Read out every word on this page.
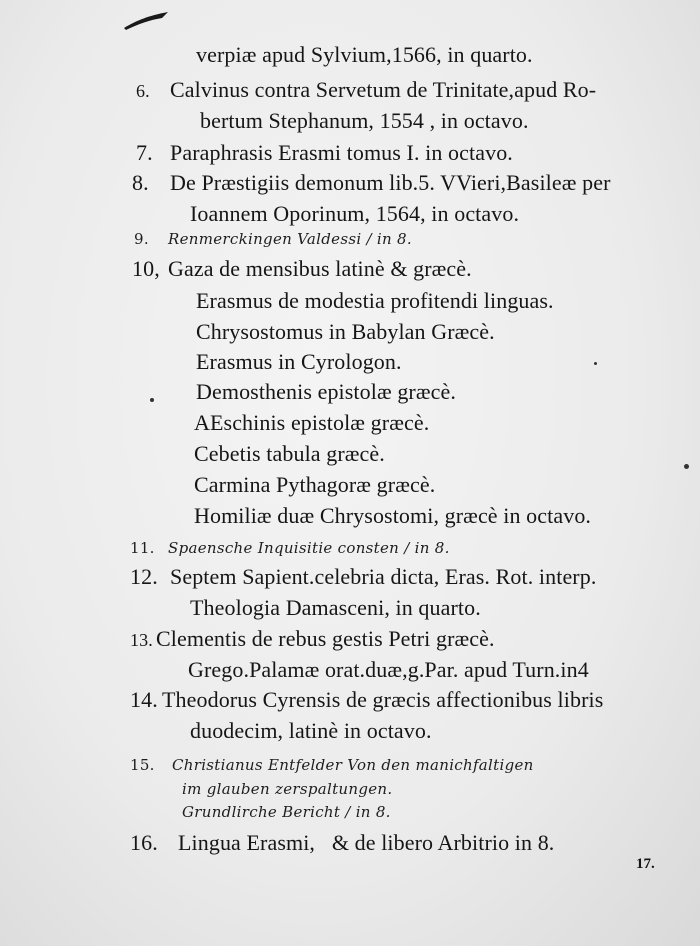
verpiæ apud Sylvium,1566, in quarto.
6. Calvinus contra Servetum de Trinitate,apud Ro-
bertum Stephanum, 1554 , in octavo.
7. Paraphrasis Erasmi tomus I. in octavo.
8. De Præstigiis demonum lib.5. VVieri,Basileæ per
Ioannem Oporinum, 1564, in octavo.
9. Renmerckingen Valdessi / in 8.
10, Gaza de mensibus latinè & græcè.
Erasmus de modestia profitendi linguas.
Chrysostomus in Babylan Græcè.
Erasmus in Cyrologon.
Demosthenis epistolæ græcè.
AEschinis epistolæ græcè.
Cebetis tabula græcè.
Carmina Pythagoræ græcè.
Homiliæ duæ Chrysostomi, græcè in octavo.
11. Spaensche Inquisitie consten / in 8.
12. Septem Sapient.celebria dicta, Eras. Rot. interp.
Theologia Damasceni, in quarto.
13. Clementis de rebus gestis Petri græcè.
Grego.Palamæ orat.duæ,g.Par. apud Turn.in4
14. Theodorus Cyrensis de græcis affectionibus libris
duodecim, latinè in octavo.
15. Christianus Entfelder Von den manichfaltigen
im glauben zerspaltungen.
Grundlirche Bericht / in 8.
16. Lingua Erasmi,   & de libero Arbitrio in 8.
17.
